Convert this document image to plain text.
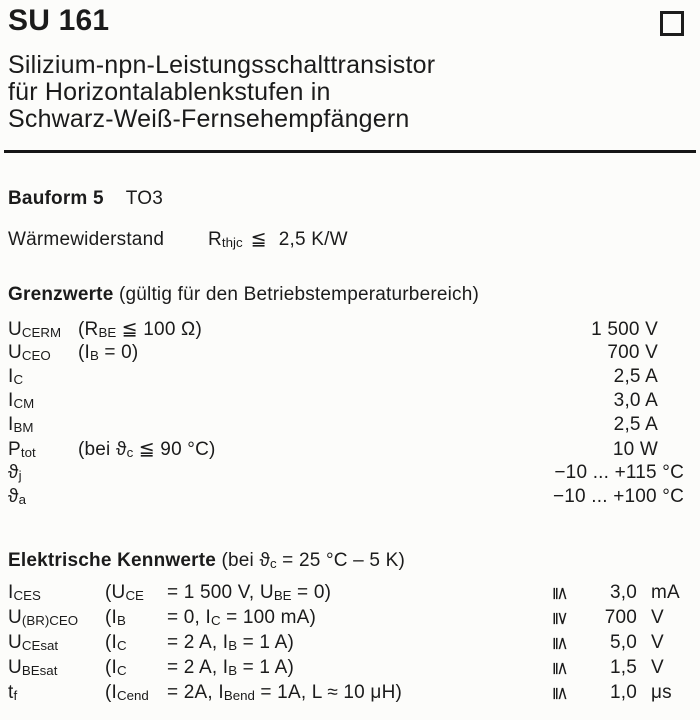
SU 161
Silizium-npn-Leistungsschalttransistor
für Horizontalablenkstufen in
Schwarz-Weiß-Fernsehempfängern
Bauform 5 TO3
Wärmewiderstand $R_{thjc}$ ≦ 2,5 K/W
Grenzwerte (gültig für den Betriebstemperaturbereich)
$U_{CERM}$ ($R_{BE}$ ≦ 100 Ω)	1 500 V
$U_{CEO}$	$(I_B = 0)$	700 V
$I_C$	2,5 A
$I_{CM}$	3,0 A
$I_{BM}$	2,5 A
$P_{tot}$	(bei $ϑ_c$ ≦ 90 °C)	10 W
$ϑ_j$	−10 ... +115 °C
$ϑ_a$	−10 ... +100 °C
Elektrische Kennwerte (bei $ϑ_c = 25$ °C – 5 K)
$I_{CES}$	($U_{CE} = 1$ 500 V, $U_{BE} = 0$)	≦	3,0 mA
$U_{(BR)CEO}$	($I_B = 0$, $I_C = 100$ mA)	≧	700 V
$U_{CEsat}$	($I_C = 2$ A, $I_B = 1$ A)	≦	5,0 V
$U_{BEsat}$	($I_C = 2$ A, $I_B = 1$ A)	≦	1,5 V
$t_f$	($I_{Cend} = 2A$, $I_{Bend} = 1A$, L ≈ 10 μH)	≦	1,0 μs
